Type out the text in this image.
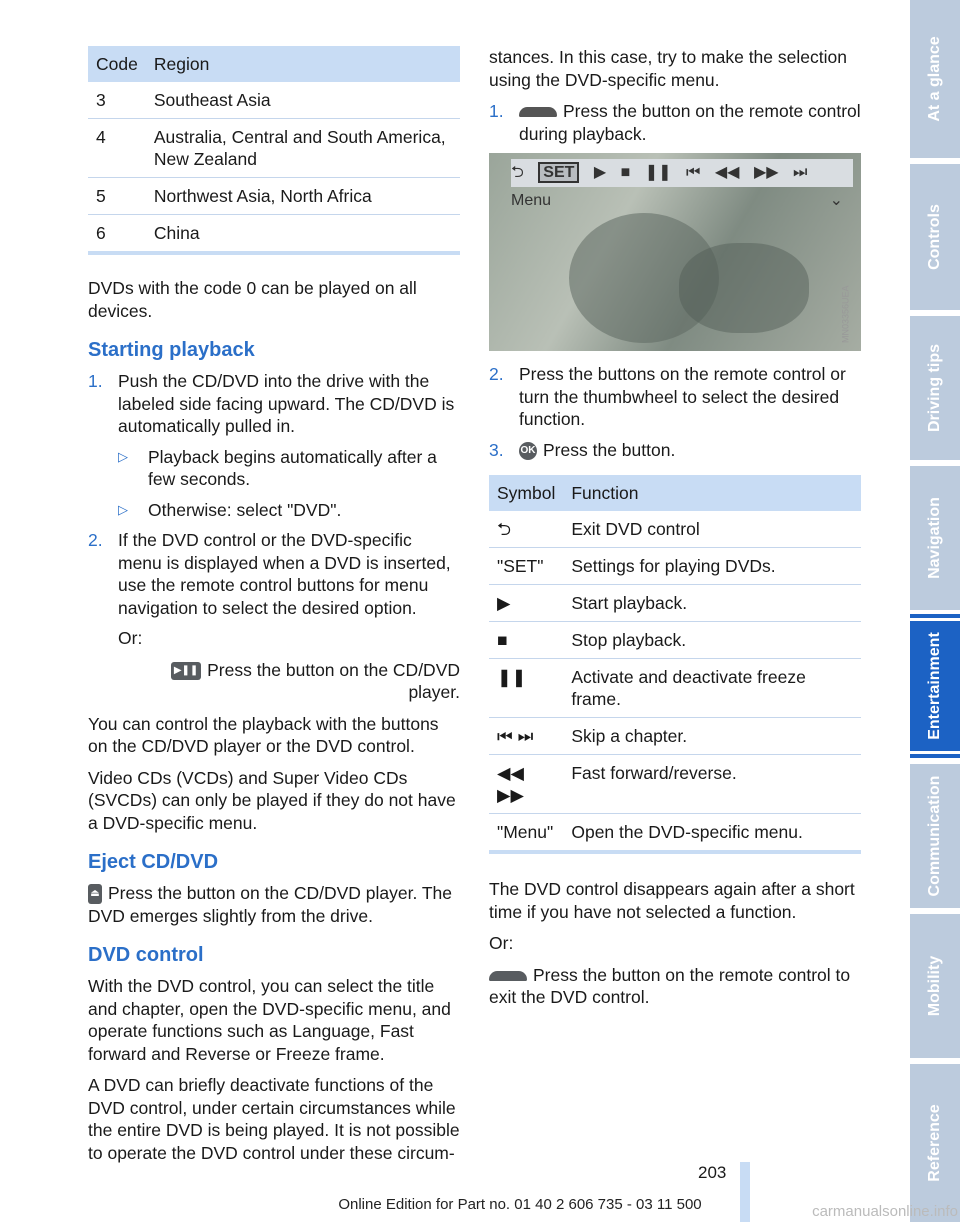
Code	Region
3	Southeast Asia
4	Australia, Central and South America, New Zealand
5	Northwest Asia, North Africa
6	China

DVDs with the code 0 can be played on all devices.

Starting playback
1. Push the CD/DVD into the drive with the labeled side facing upward. The CD/DVD is automatically pulled in.
▷ Playback begins automatically after a few seconds.
▷ Otherwise: select "DVD".
2. If the DVD control or the DVD-specific menu is displayed when a DVD is inserted, use the remote control buttons for menu navigation to select the desired option.

Or:

▶❚❚ Press the button on the CD/DVD player.

You can control the playback with the buttons on the CD/DVD player or the DVD control.

Video CDs (VCDs) and Super Video CDs (SVCDs) can only be played if they do not have a DVD-specific menu.

Eject CD/DVD

⏏ Press the button on the CD/DVD player. The DVD emerges slightly from the drive.

DVD control

With the DVD control, you can select the title and chapter, open the DVD-specific menu, and operate functions such as Language, Fast forward and Reverse or Freeze frame.

A DVD can briefly deactivate functions of the DVD control, under certain circumstances while the entire DVD is being played. It is not possible to operate the DVD control under these circum-

stances. In this case, try to make the selection using the DVD-specific menu.

1.	Press the button on the remote control during playback.
⮌ SET ▶ ■ ❚❚ ⏮ ◀◀ ▶▶ ⏭ Menu	⌄
MN03356UEA
2. Press the buttons on the remote control or turn the thumbwheel to select the desired function.
3. OK Press the button.
Symbol	Function
⮌	Exit DVD control
"SET"	Settings for playing DVDs.
▶	Start playback.
■	Stop playback.
❚❚	Activate and deactivate freeze frame.
⏮ ⏭	Skip a chapter.
◀◀ ▶▶	Fast forward/reverse.
"Menu"	Open the DVD-specific menu.

The DVD control disappears again after a short time if you have not selected a function.

Or:

Press the button on the remote control to exit the DVD control.

At a glance
Controls
Driving tips
Navigation
Entertainment
Communication
Mobility
Reference
203
Online Edition for Part no. 01 40 2 606 735 - 03 11 500	carmanualsonline.info
